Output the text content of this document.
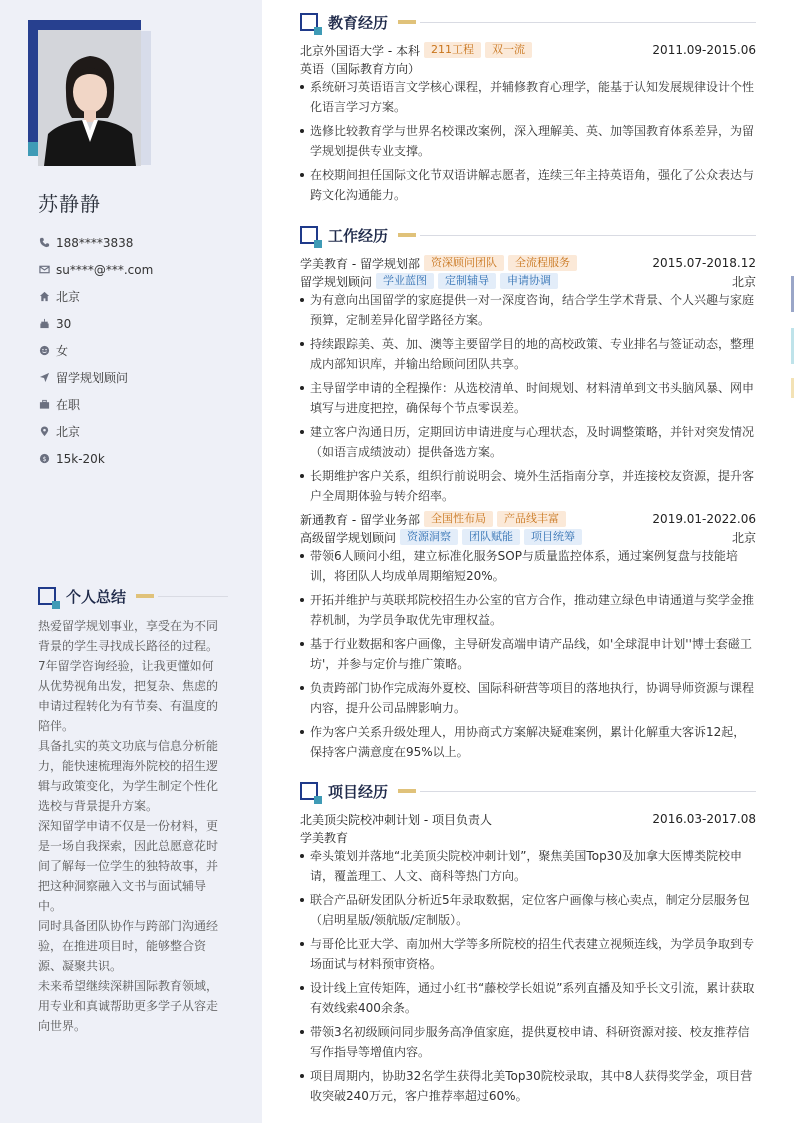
苏静静
188****3838
su****@***.com
北京
30
女
留学规划顾问
在职
北京
$ 15k-20k
个人总结

热爱留学规划事业，享受在为不同背景的学生寻找成长路径的过程。7年留学咨询经验，让我更懂如何从优势视角出发，把复杂、焦虑的申请过程转化为有节奏、有温度的陪伴。

具备扎实的英文功底与信息分析能力，能快速梳理海外院校的招生逻辑与政策变化，为学生制定个性化选校与背景提升方案。

深知留学申请不仅是一份材料，更是一场自我探索，因此总愿意花时间了解每一位学生的独特故事，并把这种洞察融入文书与面试辅导中。

同时具备团队协作与跨部门沟通经验，在推进项目时，能够整合资源、凝聚共识。

未来希望继续深耕国际教育领域，用专业和真诚帮助更多学子从容走向世界。

教育经历
北京外国语大学 - 本科	211工程	双一流	2011.09-2015.06
英语（国际教育方向）
系统研习英语语言文学核心课程，并辅修教育心理学，能基于认知发展规律设计个性化语言学习方案。
选修比较教育学与世界名校课改案例，深入理解美、英、加等国教育体系差异，为留学规划提供专业支撑。
在校期间担任国际文化节双语讲解志愿者，连续三年主持英语角，强化了公众表达与跨文化沟通能力。
工作经历
学美教育 - 留学规划部	资深顾问团队	全流程服务	2015.07-2018.12
留学规划顾问	学业蓝图	定制辅导	申请协调	北京
为有意向出国留学的家庭提供一对一深度咨询，结合学生学术背景、个人兴趣与家庭预算，定制差异化留学路径方案。
持续跟踪美、英、加、澳等主要留学目的地的高校政策、专业排名与签证动态，整理成内部知识库，并输出给顾问团队共享。
主导留学申请的全程操作：从选校清单、时间规划、材料清单到文书头脑风暴、网申填写与进度把控，确保每个节点零误差。
建立客户沟通日历，定期回访申请进度与心理状态，及时调整策略，并针对突发情况（如语言成绩波动）提供备选方案。
长期维护客户关系，组织行前说明会、境外生活指南分享，并连接校友资源，提升客户全周期体验与转介绍率。
新通教育 - 留学业务部	全国性布局	产品线丰富	2019.01-2022.06
高级留学规划顾问	资源洞察	团队赋能	项目统筹	北京
带领6人顾问小组，建立标准化服务SOP与质量监控体系，通过案例复盘与技能培训，将团队人均成单周期缩短20%。
开拓并维护与英联邦院校招生办公室的官方合作，推动建立绿色申请通道与奖学金推荐机制，为学员争取优先审理权益。
基于行业数据和客户画像，主导研发高端申请产品线，如'全球混申计划''博士套磁工坊'，并参与定价与推广策略。
负责跨部门协作完成海外夏校、国际科研营等项目的落地执行，协调导师资源与课程内容，提升公司品牌影响力。
作为客户关系升级处理人，用协商式方案解决疑难案例，累计化解重大客诉12起，保持客户满意度在95%以上。
项目经历
北美顶尖院校冲刺计划 - 项目负责人	2016.03-2017.08
学美教育
牵头策划并落地“北美顶尖院校冲刺计划”，聚焦美国Top30及加拿大医博类院校申请，覆盖理工、人文、商科等热门方向。
联合产品研发团队分析近5年录取数据，定位客户画像与核心卖点，制定分层服务包（启明星版/领航版/定制版）。
与哥伦比亚大学、南加州大学等多所院校的招生代表建立视频连线，为学员争取到专场面试与材料预审资格。
设计线上宣传矩阵，通过小红书“藤校学长姐说”系列直播及知乎长文引流，累计获取有效线索400余条。
带领3名初级顾问同步服务高净值家庭，提供夏校申请、科研资源对接、校友推荐信写作指导等增值内容。
项目周期内，协助32名学生获得北美Top30院校录取，其中8人获得奖学金，项目营收突破240万元，客户推荐率超过60%。
